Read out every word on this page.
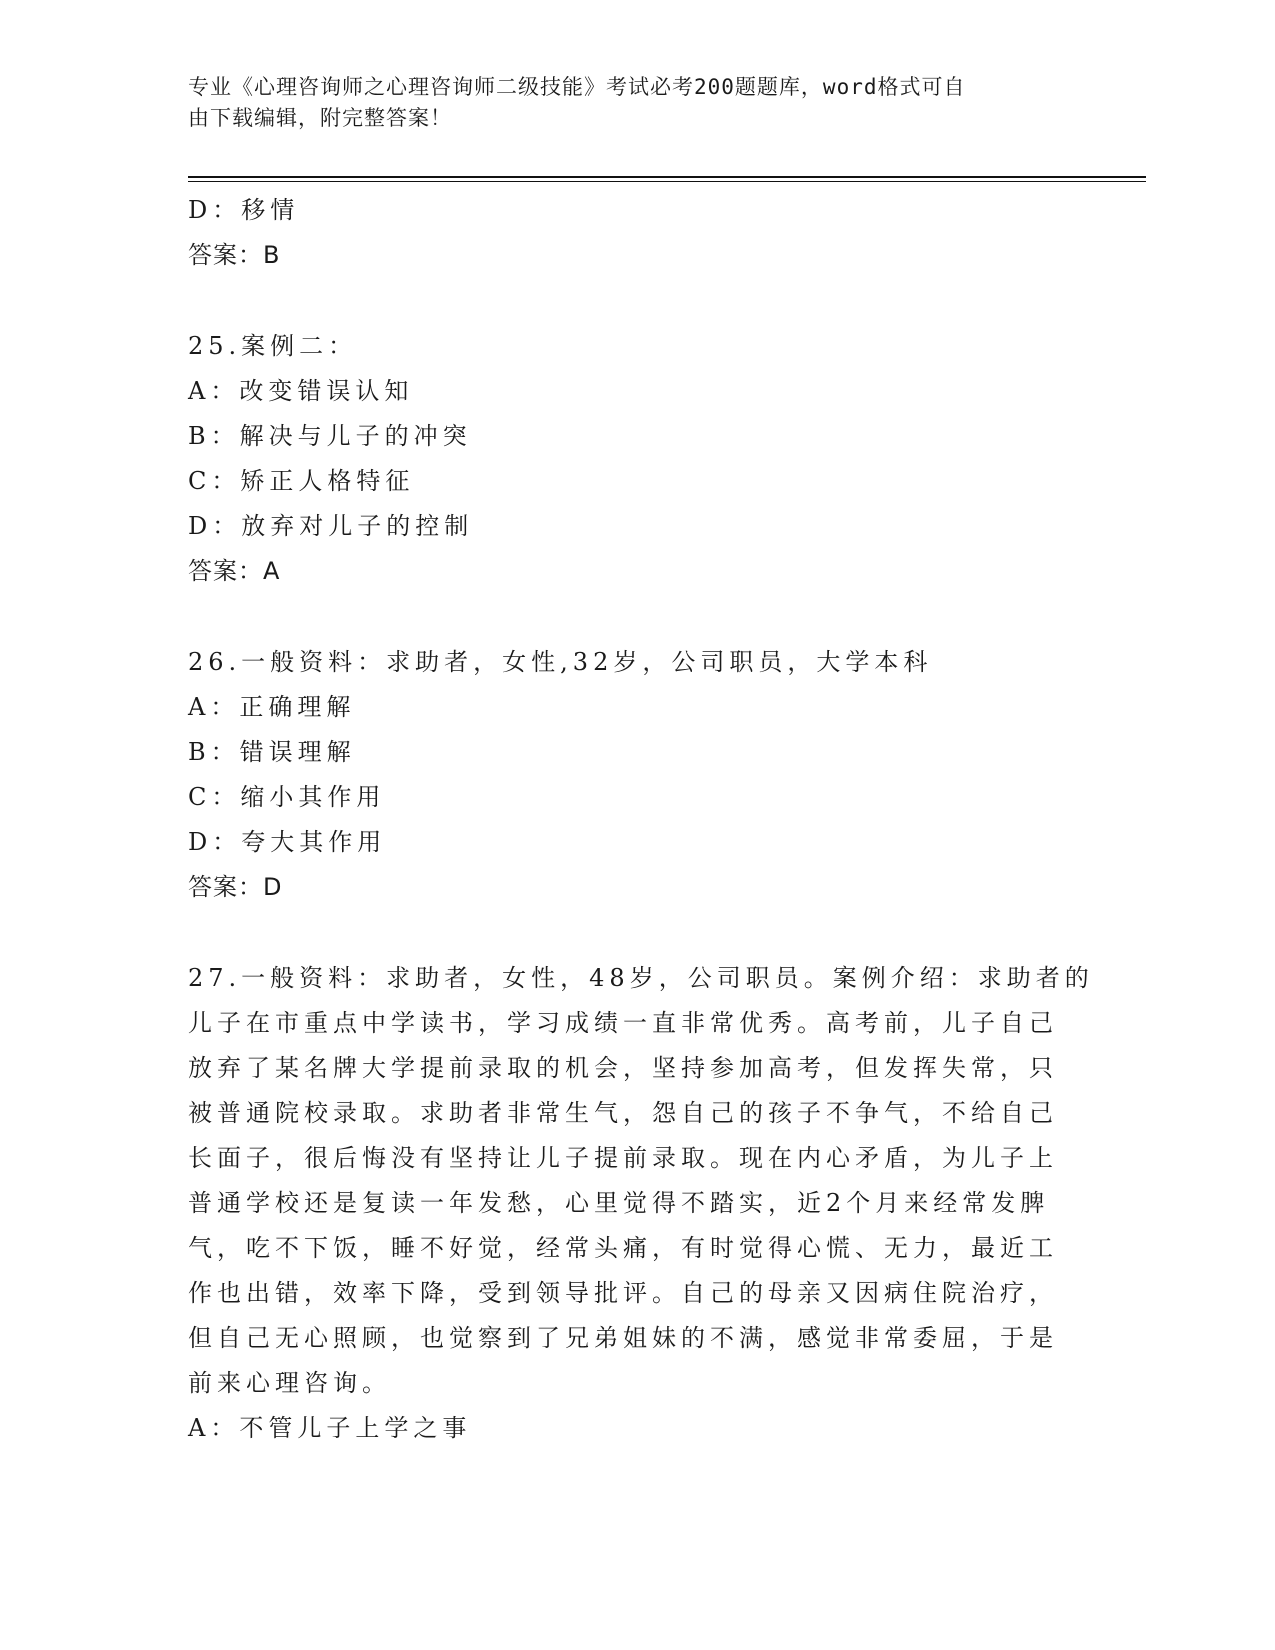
专业《心理咨询师之心理咨询师二级技能》考试必考200题题库，word格式可自
由下载编辑，附完整答案！
D：移情
答案：B
25.案例二：
A：改变错误认知
B：解决与儿子的冲突
C：矫正人格特征
D：放弃对儿子的控制
答案：A
26.一般资料：求助者，女性,32岁，公司职员，大学本科
A：正确理解
B：错误理解
C：缩小其作用
D：夸大其作用
答案：D
27.一般资料：求助者，女性，48岁，公司职员。案例介绍：求助者的
儿子在市重点中学读书，学习成绩一直非常优秀。高考前，儿子自己
放弃了某名牌大学提前录取的机会，坚持参加高考，但发挥失常，只
被普通院校录取。求助者非常生气，怨自己的孩子不争气，不给自己
长面子，很后悔没有坚持让儿子提前录取。现在内心矛盾，为儿子上
普通学校还是复读一年发愁，心里觉得不踏实，近2个月来经常发脾
气，吃不下饭，睡不好觉，经常头痛，有时觉得心慌、无力，最近工
作也出错，效率下降，受到领导批评。自己的母亲又因病住院治疗，
但自己无心照顾，也觉察到了兄弟姐妹的不满，感觉非常委屈，于是
前来心理咨询。
A：不管儿子上学之事
